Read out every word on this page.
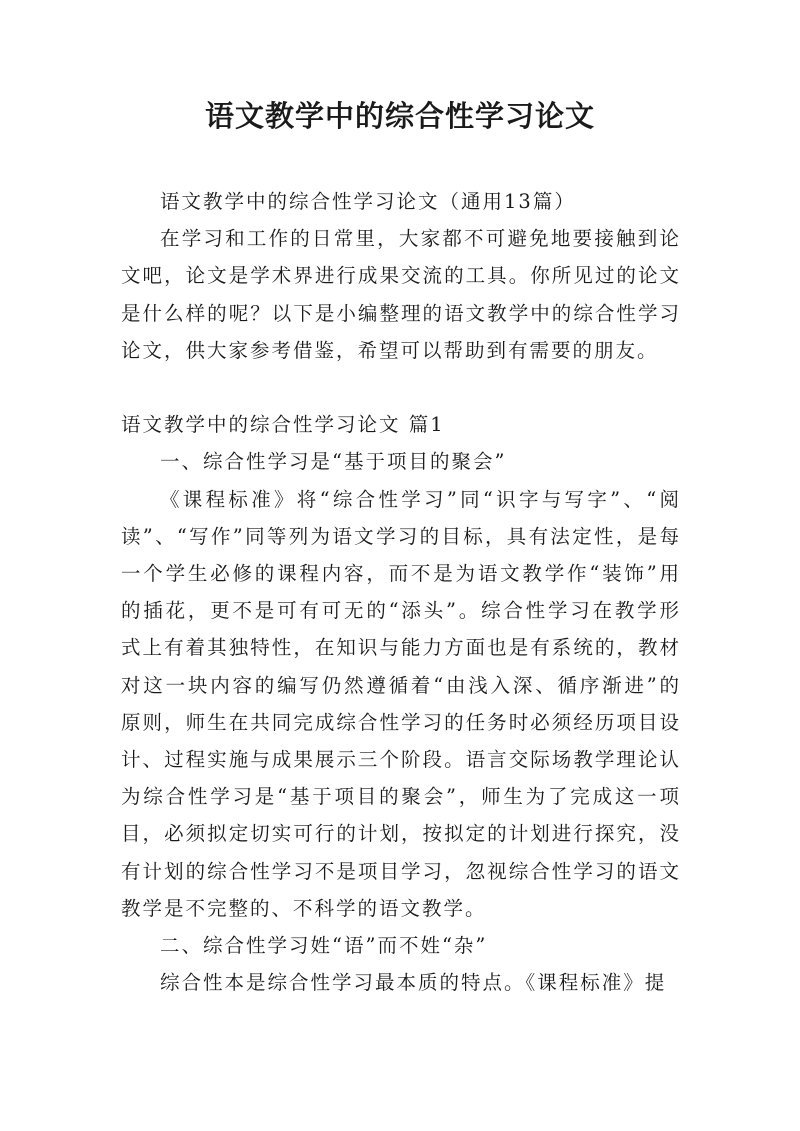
语文教学中的综合性学习论文

语文教学中的综合性学习论文（通用13篇）

在学习和工作的日常里，大家都不可避免地要接触到论文吧，论文是学术界进行成果交流的工具。你所见过的论文是什么样的呢？以下是小编整理的语文教学中的综合性学习论文，供大家参考借鉴，希望可以帮助到有需要的朋友。

语文教学中的综合性学习论文 篇1

一、综合性学习是“基于项目的聚会”

《课程标准》将“综合性学习”同“识字与写字”、“阅读”、“写作”同等列为语文学习的目标，具有法定性，是每一个学生必修的课程内容，而不是为语文教学作“装饰”用的插花，更不是可有可无的“添头”。综合性学习在教学形式上有着其独特性，在知识与能力方面也是有系统的，教材对这一块内容的编写仍然遵循着“由浅入深、循序渐进”的原则，师生在共同完成综合性学习的任务时必须经历项目设计、过程实施与成果展示三个阶段。语言交际场教学理论认为综合性学习是“基于项目的聚会”，师生为了完成这一项目，必须拟定切实可行的计划，按拟定的计划进行探究，没有计划的综合性学习不是项目学习，忽视综合性学习的语文教学是不完整的、不科学的语文教学。

二、综合性学习姓“语”而不姓“杂”

综合性本是综合性学习最本质的特点。《课程标准》提
